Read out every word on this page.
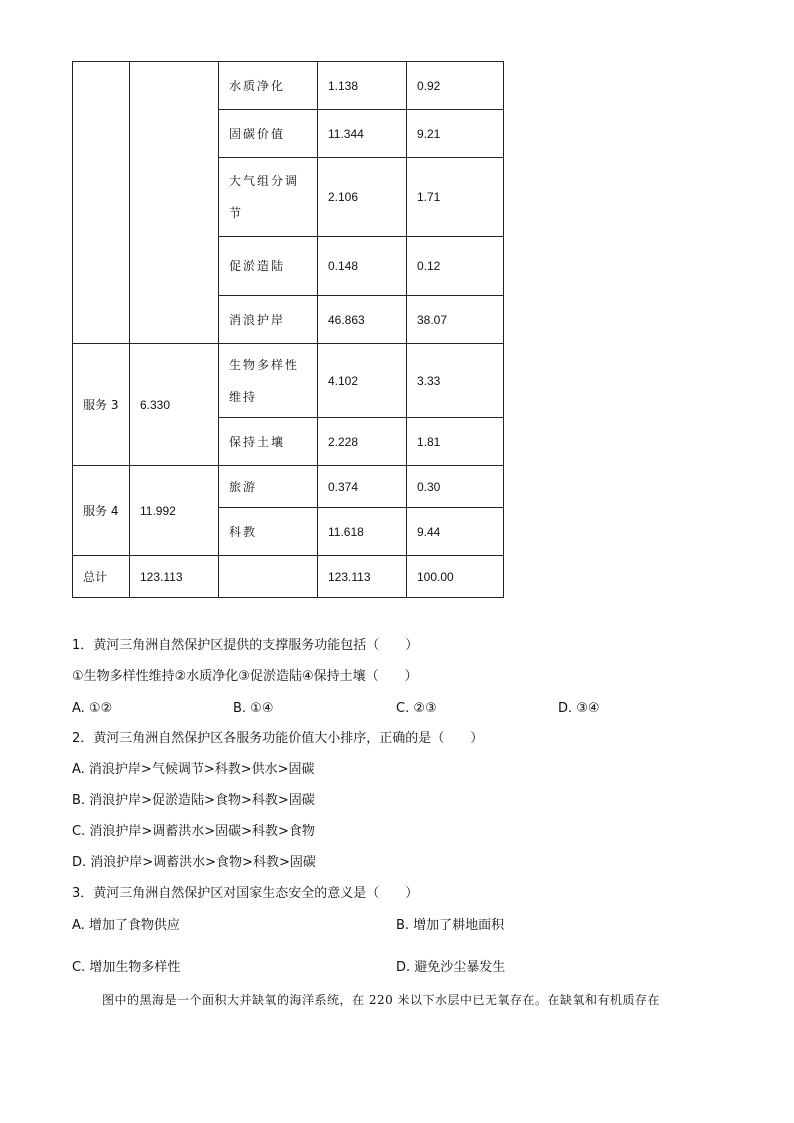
		水质净化	1.138	0.92
		固碳价值	11.344	9.21
		大气组分调节	2.106	1.71
		促淤造陆	0.148	0.12
		消浪护岸	46.863	38.07
服务 3	6.330	生物多样性维持	4.102	3.33
		保持土壤	2.228	1.81
服务 4	11.992	旅游	0.374	0.30
		科教	11.618	9.44
总计	123.113		123.113	100.00
1．黄河三角洲自然保护区提供的支撑服务功能包括（　　）
①生物多样性维持②水质净化③促淤造陆④保持土壤（　　）
A. ①②	B. ①④	C. ②③	D. ③④
2．黄河三角洲自然保护区各服务功能价值大小排序，正确的是（　　）
A. 消浪护岸>气候调节>科教>供水>固碳
B. 消浪护岸>促淤造陆>食物>科教>固碳
C. 消浪护岸>调蓄洪水>固碳>科教>食物
D. 消浪护岸>调蓄洪水>食物>科教>固碳
3．黄河三角洲自然保护区对国家生态安全的意义是（　　）
A. 增加了食物供应	B. 增加了耕地面积
C. 增加生物多样性	D. 避免沙尘暴发生
图中的黑海是一个面积大并缺氧的海洋系统，在 220 米以下水层中已无氧存在。在缺氧和有机质存在
